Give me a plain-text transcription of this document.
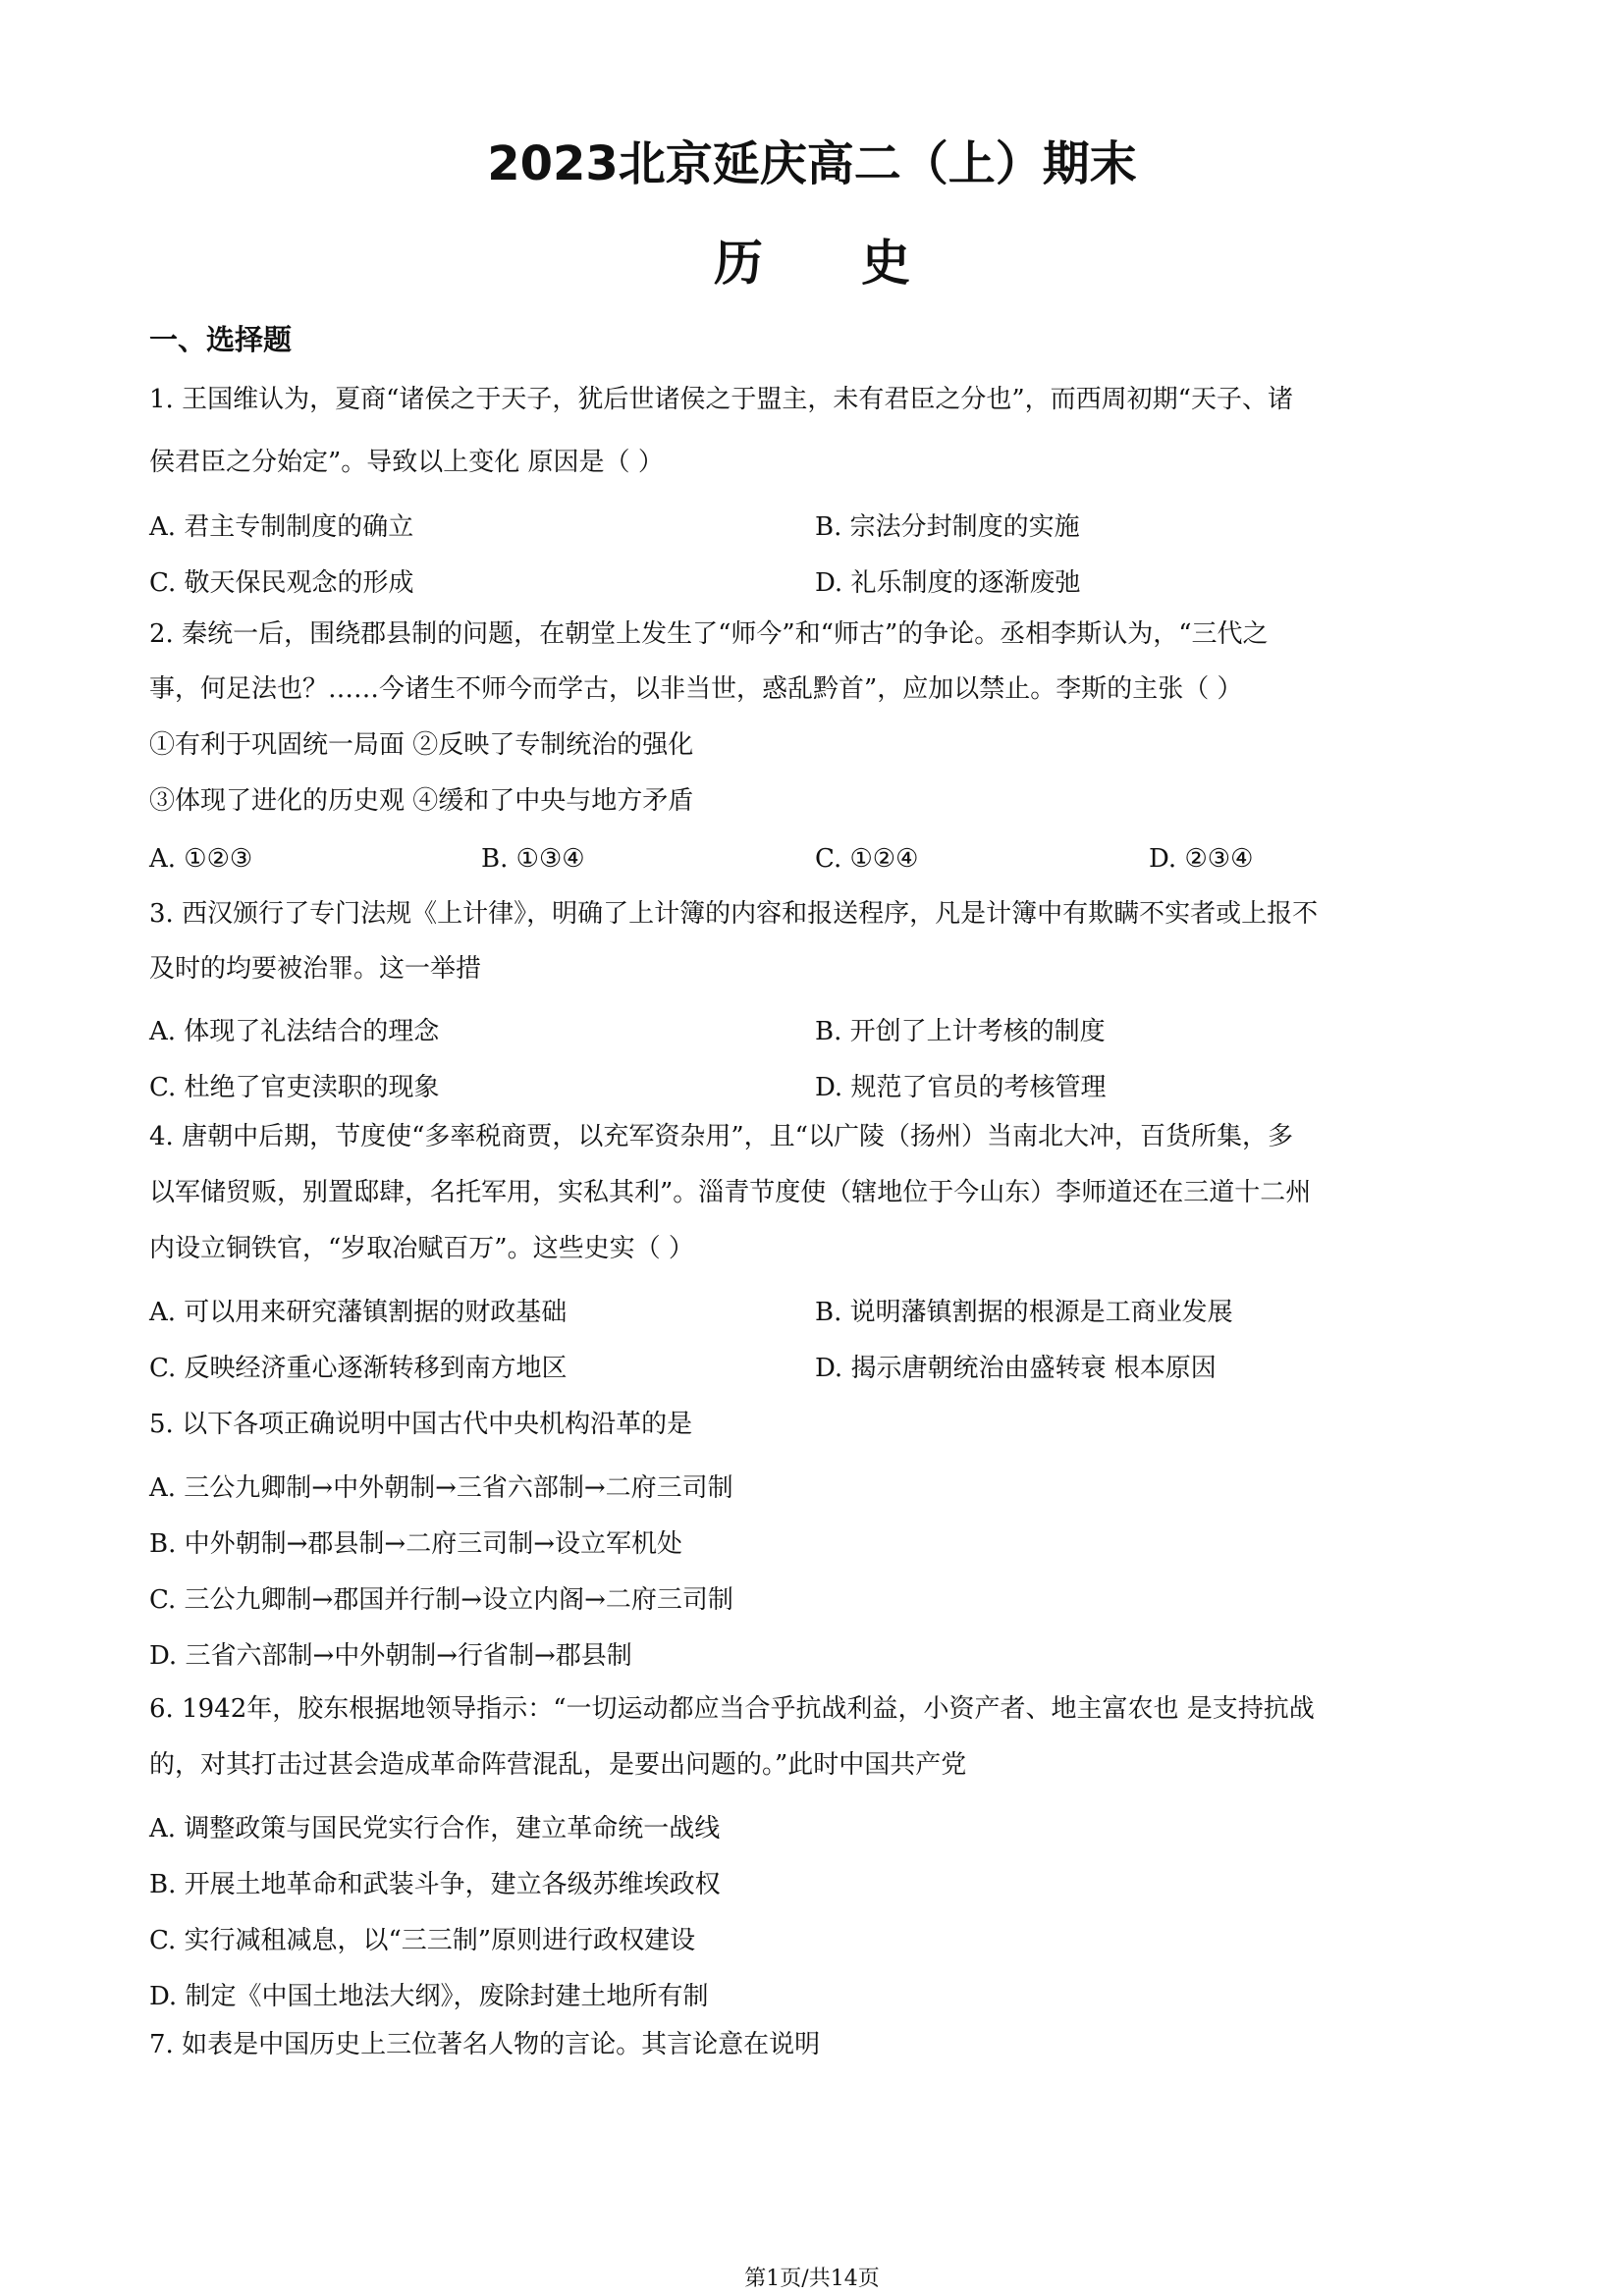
2023北京延庆高二（上）期末
历史
一、选择题
1. 王国维认为，夏商“诸侯之于天子，犹后世诸侯之于盟主，未有君臣之分也”，而西周初期“天子、诸
侯君臣之分始定”。导致以上变化 原因是（ ）
A. 君主专制制度的确立	B. 宗法分封制度的实施
C. 敬天保民观念的形成	D. 礼乐制度的逐渐废弛
2. 秦统一后，围绕郡县制的问题，在朝堂上发生了“师今”和“师古”的争论。丞相李斯认为，“三代之
事，何足法也？……今诸生不师今而学古，以非当世，惑乱黔首”，应加以禁止。李斯的主张（ ）
①有利于巩固统一局面 ②反映了专制统治的强化
③体现了进化的历史观 ④缓和了中央与地方矛盾
A. ①②③	B. ①③④	C. ①②④	D. ②③④
3. 西汉颁行了专门法规《上计律》，明确了上计簿的内容和报送程序，凡是计簿中有欺瞒不实者或上报不
及时的均要被治罪。这一举措
A. 体现了礼法结合的理念	B. 开创了上计考核的制度
C. 杜绝了官吏渎职的现象	D. 规范了官员的考核管理
4. 唐朝中后期，节度使“多率税商贾，以充军资杂用”，且“以广陵（扬州）当南北大冲，百货所集，多
以军储贸贩，别置邸肆，名托军用，实私其利”。淄青节度使（辖地位于今山东）李师道还在三道十二州
内设立铜铁官，“岁取冶赋百万”。这些史实（ ）
A. 可以用来研究藩镇割据的财政基础	B. 说明藩镇割据的根源是工商业发展
C. 反映经济重心逐渐转移到南方地区	D. 揭示唐朝统治由盛转衰 根本原因
5. 以下各项正确说明中国古代中央机构沿革的是
A. 三公九卿制→中外朝制→三省六部制→二府三司制
B. 中外朝制→郡县制→二府三司制→设立军机处
C. 三公九卿制→郡国并行制→设立内阁→二府三司制
D. 三省六部制→中外朝制→行省制→郡县制
6. 1942年，胶东根据地领导指示：“一切运动都应当合乎抗战利益，小资产者、地主富农也 是支持抗战
的，对其打击过甚会造成革命阵营混乱，是要出问题的。”此时中国共产党
A. 调整政策与国民党实行合作，建立革命统一战线
B. 开展土地革命和武装斗争，建立各级苏维埃政权
C. 实行减租减息，以“三三制”原则进行政权建设
D. 制定《中国土地法大纲》，废除封建土地所有制
7. 如表是中国历史上三位著名人物的言论。其言论意在说明
第1页/共14页
